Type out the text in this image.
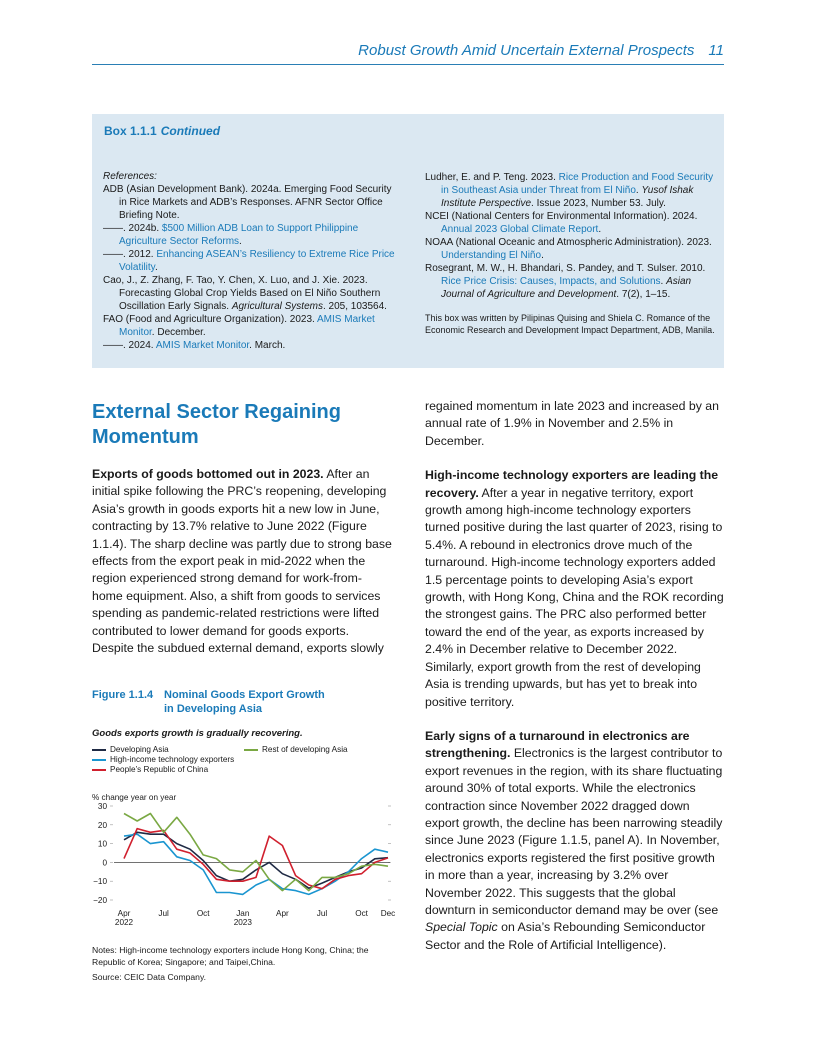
Robust Growth Amid Uncertain External Prospects 11
Box 1.1.1 Continued

References:

ADB (Asian Development Bank). 2024a. Emerging Food Security in Rice Markets and ADB’s Responses. AFNR Sector Office Briefing Note.

——. 2024b. $500 Million ADB Loan to Support Philippine Agriculture Sector Reforms.

——. 2012. Enhancing ASEAN’s Resiliency to Extreme Rice Price Volatility.

Cao, J., Z. Zhang, F. Tao, Y. Chen, X. Luo, and J. Xie. 2023. Forecasting Global Crop Yields Based on El Niño Southern Oscillation Early Signals. Agricultural Systems. 205, 103564.

FAO (Food and Agriculture Organization). 2023. AMIS Market Monitor. December.

——. 2024. AMIS Market Monitor. March.

Ludher, E. and P. Teng. 2023. Rice Production and Food Security in Southeast Asia under Threat from El Niño. Yusof Ishak Institute Perspective. Issue 2023, Number 53. July.

NCEI (National Centers for Environmental Information). 2024. Annual 2023 Global Climate Report.

NOAA (National Oceanic and Atmospheric Administration). 2023. Understanding El Niño.

Rosegrant, M. W., H. Bhandari, S. Pandey, and T. Sulser. 2010. Rice Price Crisis: Causes, Impacts, and Solutions. Asian Journal of Agriculture and Development. 7(2), 1–15.

This box was written by Pilipinas Quising and Shiela C. Romance of the Economic Research and Development Impact Department, ADB, Manila.

External Sector Regaining Momentum

Exports of goods bottomed out in 2023. After an initial spike following the PRC’s reopening, developing Asia’s growth in goods exports hit a new low in June, contracting by 13.7% relative to June 2022 (Figure 1.1.4). The sharp decline was partly due to strong base effects from the export peak in mid-2022 when the region experienced strong demand for work-from-home equipment. Also, a shift from goods to services spending as pandemic-related restrictions were lifted contributed to lower demand for goods exports. Despite the subdued external demand, exports slowly

Figure 1.1.4 Nominal Goods Export Growth
in Developing Asia
Goods exports growth is gradually recovering.
Developing Asia
High-income technology exporters
People’s Republic of China
Rest of developing Asia
% change year on year
30
20
10
0
−10
−20
Apr
2022
Jul	Oct	Jan
2023
Apr	Jul	Oct Dec
Notes: High-income technology exporters include Hong Kong, China; the Republic of Korea; Singapore; and Taipei,China.
Source: CEIC Data Company.

regained momentum in late 2023 and increased by an annual rate of 1.9% in November and 2.5% in December.

High-income technology exporters are leading the recovery. After a year in negative territory, export growth among high-income technology exporters turned positive during the last quarter of 2023, rising to 5.4%. A rebound in electronics drove much of the turnaround. High-income technology exporters added 1.5 percentage points to developing Asia’s export growth, with Hong Kong, China and the ROK recording the strongest gains. The PRC also performed better toward the end of the year, as exports increased by 2.4% in December relative to December 2022. Similarly, export growth from the rest of developing Asia is trending upwards, but has yet to break into positive territory.

Early signs of a turnaround in electronics are strengthening. Electronics is the largest contributor to export revenues in the region, with its share fluctuating around 30% of total exports. While the electronics contraction since November 2022 dragged down export growth, the decline has been narrowing steadily since June 2023 (Figure 1.1.5, panel A). In November, electronics exports registered the first positive growth in more than a year, increasing by 3.2% over November 2022. This suggests that the global downturn in semiconductor demand may be over (see Special Topic on Asia’s Rebounding Semiconductor Sector and the Role of Artificial Intelligence).
